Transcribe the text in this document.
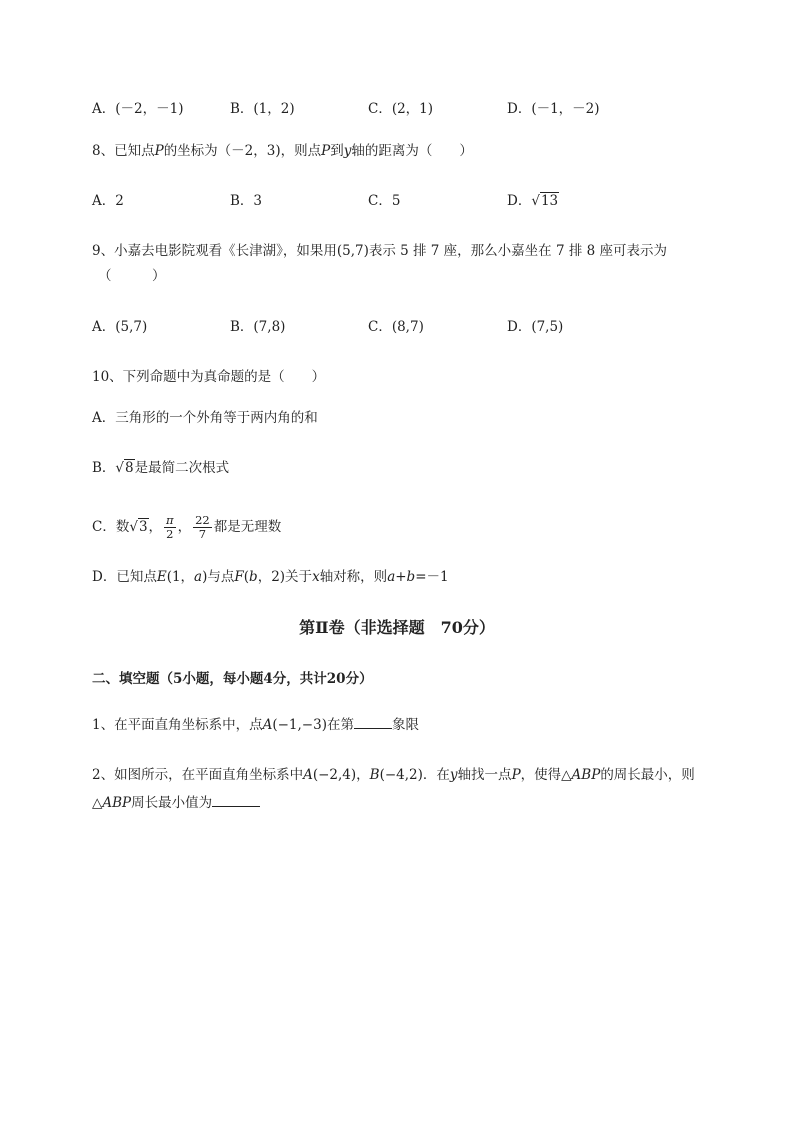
A．(－2，－1)	B．(1，2)	C．(2，1)	D．(－1，－2)
8、已知点P的坐标为（－2，3)，则点P到y轴的距离为（　　）
A．2	B．3	C．5	D．√13
9、小嘉去电影院观看《长津湖》，如果用(5,7)表示 5 排 7 座，那么小嘉坐在 7 排 8 座可表示为
（　　　）
A．(5,7)	B．(7,8)	C．(8,7)	D．(7,5)
10、下列命题中为真命题的是（　　）
A．三角形的一个外角等于两内角的和
B．√8是最简二次根式
C．数√3， $\frac{\pi}{2}$ ， $\frac{22}{7}$ 都是无理数
D．已知点E(1，a)与点F(b，2)关于x轴对称，则a+b=－1
第Ⅱ卷（非选择题　70分）
二、填空题（5小题，每小题4分，共计20分）
1、在平面直角坐标系中，点A(−1,−3)在第	象限
2、如图所示，在平面直角坐标系中A(−2,4)，B(−4,2)．在y轴找一点P，使得△ABP的周长最小，则
△ABP周长最小值为
